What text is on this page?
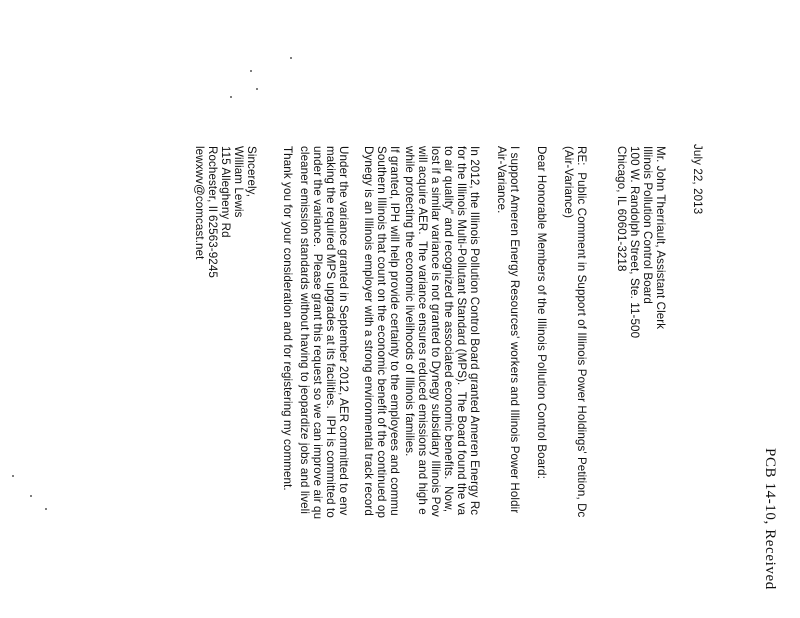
PCB 14-10, Received
July 22, 2013
Mr. John Therriault, Assistant Clerk
Illinois Pollution Control Board
100 W. Randolph Street, Ste. 11-500
Chicago, IL 60601-3218
RE:  Public Comment in Support of Illinois Power Holdings' Petition, Dc
(Air-Variance)
Dear Honorable Members of the Illinois Pollution Control Board:
I support Ameren Energy Resources' workers and Illinois Power Holdir
Air-Variance.
In 2012, the Illinois Pollution Control Board granted Ameren Energy Rc
for the Illinois Multi-Pollutant Standard (MPS).  The Board found the va
to air quality" and recognized the associated economic benefits.  Now,
lost if a similar variance is not granted to Dynegy subsidiary Illinois Pov
will acquire AER.  The variance ensures reduced emissions and high e
while protecting the economic livelihoods of Illinois families.
If granted, IPH will help provide certainty to the employees and commu
Southern Illinois that count on the economic benefit of the continued op
Dynegy is an Illinois employer with a strong environmental track record
Under the variance granted in September 2012, AER committed to env
making the required MPS upgrades at its facilities.  IPH is committed to
under the variance.  Please grant this request so we can improve air qu
cleaner emission standards without having to jeopardize jobs and liveli
Thank you for your consideration and for registering my comment.
Sincerely,
William Lewis
115 Allegheny Rd
Rochester, Il 62563-9245
lewxwv@comcast.net
